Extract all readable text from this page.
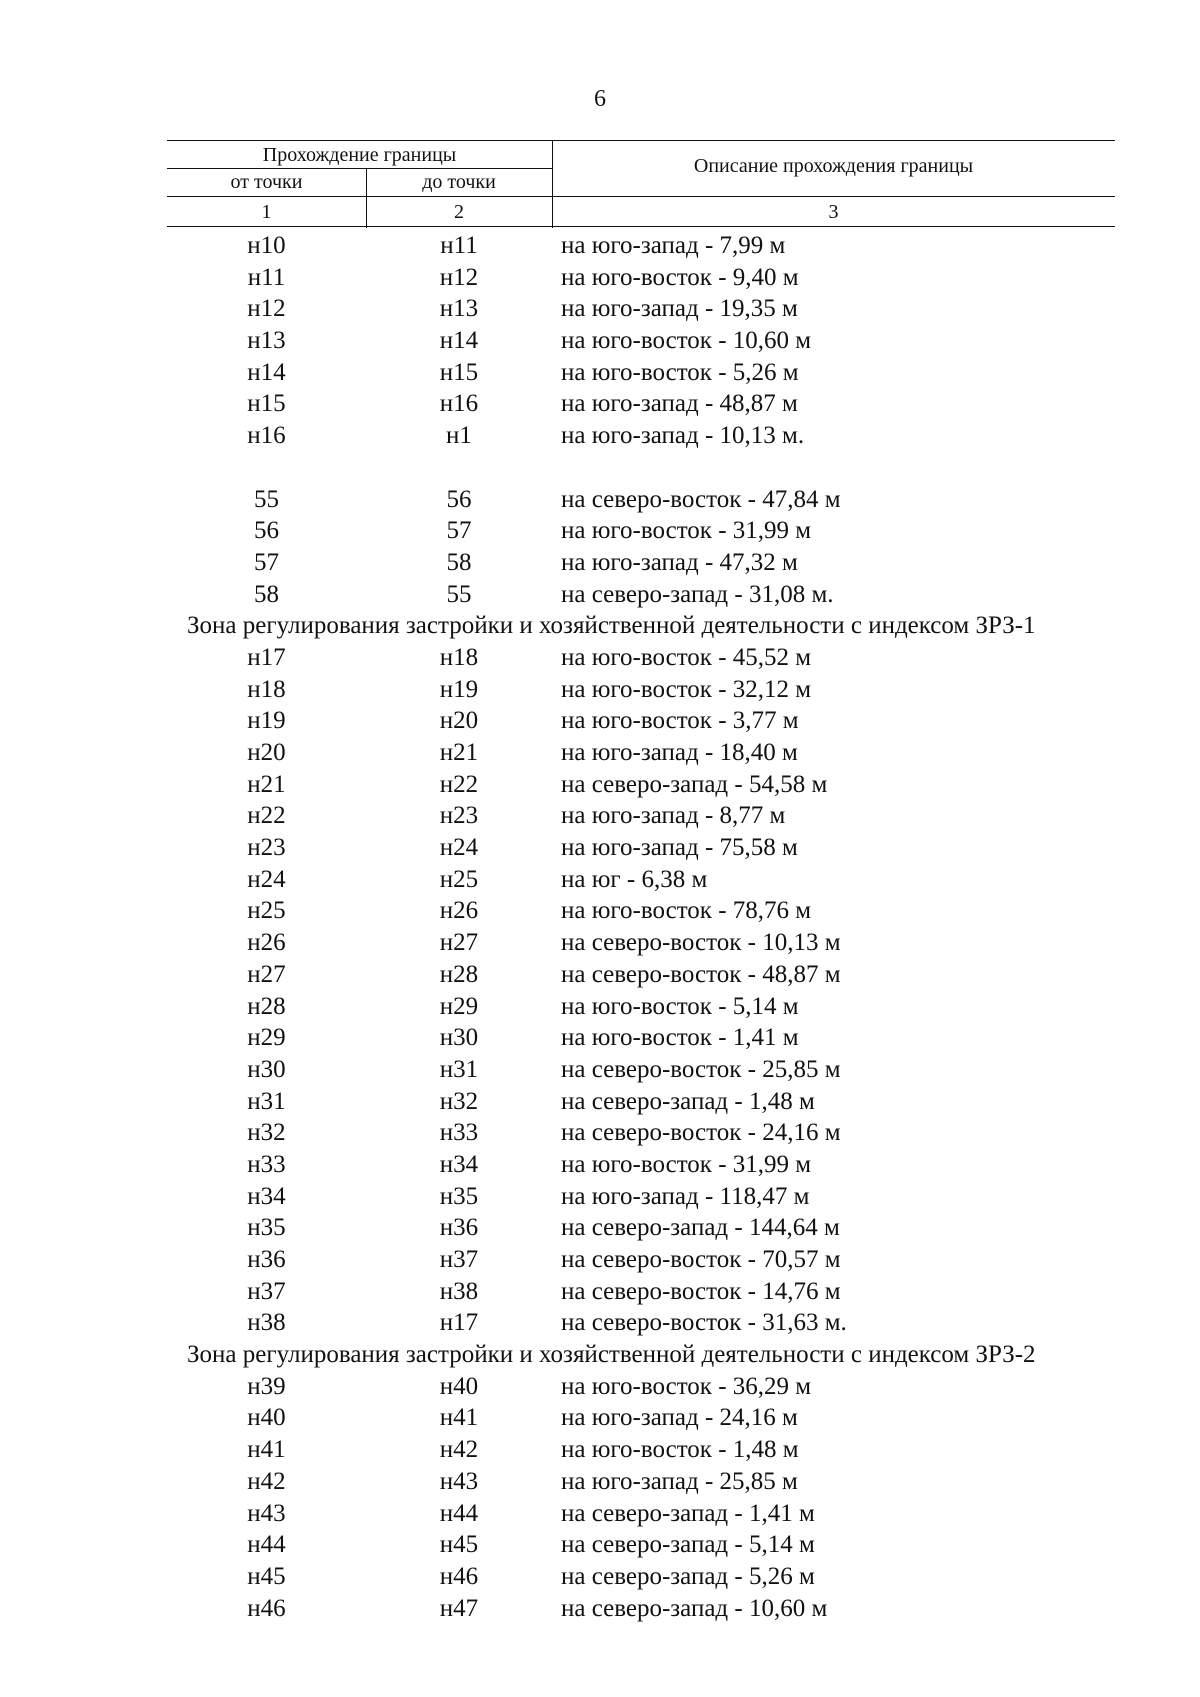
6
Прохождение границы	Описание прохождения границы
от точки	до точки
1	2	3
н10	н11	на юго-запад - 7,99 м
н11	н12	на юго-восток - 9,40 м
н12	н13	на юго-запад - 19,35 м
н13	н14	на юго-восток - 10,60 м
н14	н15	на юго-восток - 5,26 м
н15	н16	на юго-запад - 48,87 м
н16	н1	на юго-запад - 10,13 м.
55	56	на северо-восток - 47,84 м
56	57	на юго-восток - 31,99 м
57	58	на юго-запад - 47,32 м
58	55	на северо-запад - 31,08 м.
Зона регулирования застройки и хозяйственной деятельности с индексом ЗРЗ-1
н17	н18	на юго-восток - 45,52 м
н18	н19	на юго-восток - 32,12 м
н19	н20	на юго-восток - 3,77 м
н20	н21	на юго-запад - 18,40 м
н21	н22	на северо-запад - 54,58 м
н22	н23	на юго-запад - 8,77 м
н23	н24	на юго-запад - 75,58 м
н24	н25	на юг - 6,38 м
н25	н26	на юго-восток - 78,76 м
н26	н27	на северо-восток - 10,13 м
н27	н28	на северо-восток - 48,87 м
н28	н29	на юго-восток - 5,14 м
н29	н30	на юго-восток - 1,41 м
н30	н31	на северо-восток - 25,85 м
н31	н32	на северо-запад - 1,48 м
н32	н33	на северо-восток - 24,16 м
н33	н34	на юго-восток - 31,99 м
н34	н35	на юго-запад - 118,47 м
н35	н36	на северо-запад - 144,64 м
н36	н37	на северо-восток - 70,57 м
н37	н38	на северо-восток - 14,76 м
н38	н17	на северо-восток - 31,63 м.
Зона регулирования застройки и хозяйственной деятельности с индексом ЗРЗ-2
н39	н40	на юго-восток - 36,29 м
н40	н41	на юго-запад - 24,16 м
н41	н42	на юго-восток - 1,48 м
н42	н43	на юго-запад - 25,85 м
н43	н44	на северо-запад - 1,41 м
н44	н45	на северо-запад - 5,14 м
н45	н46	на северо-запад - 5,26 м
н46	н47	на северо-запад - 10,60 м
